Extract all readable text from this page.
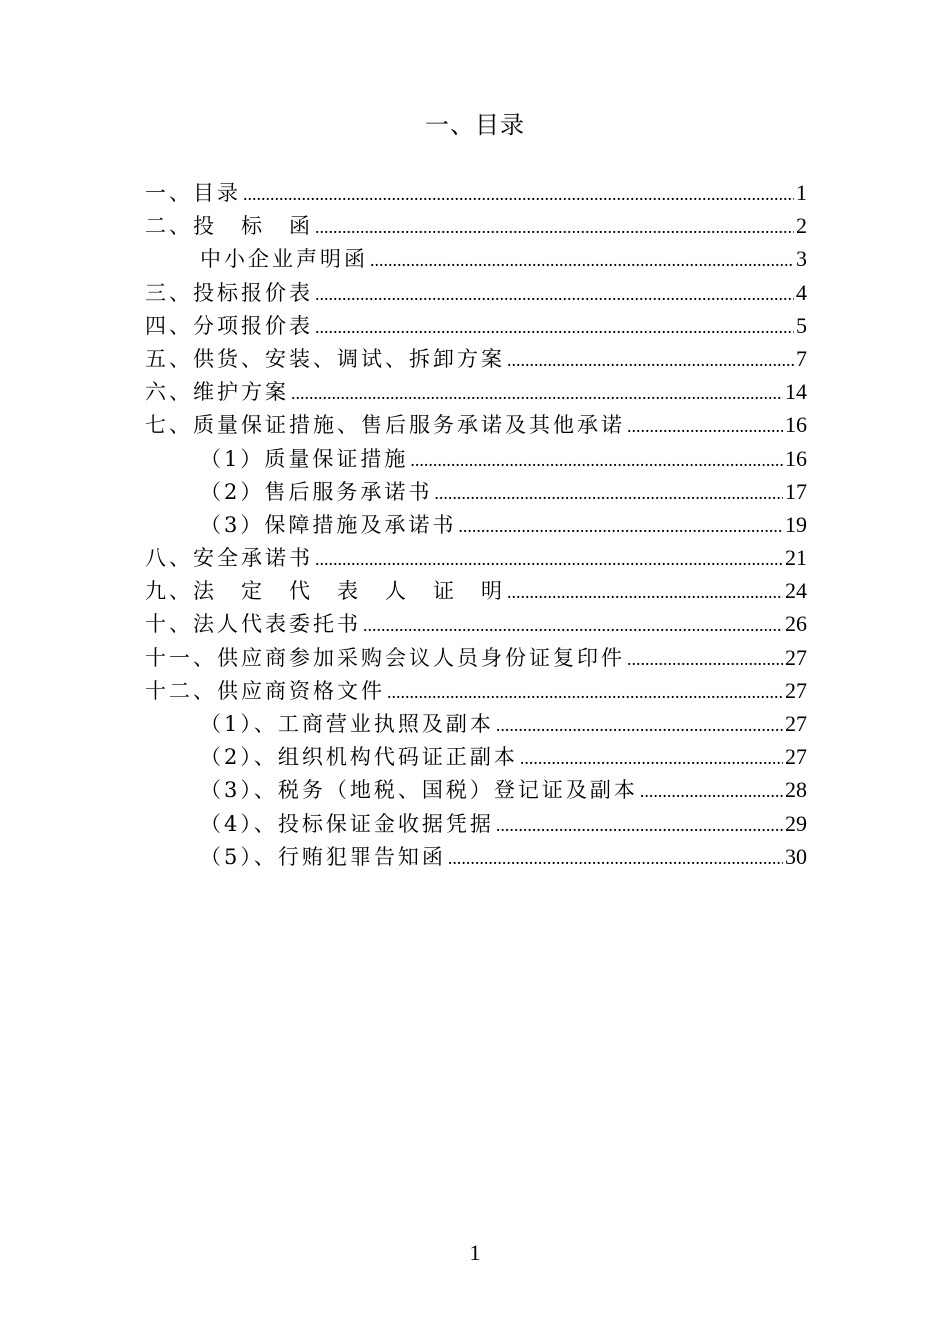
一、目录
一、目录 .....	1
二、投　标　函 .....	2
中小企业声明函 .....	3
三、投标报价表 .....	4
四、分项报价表 .....	5
五、供货、安装、调试、拆卸方案 .....	7
六、维护方案 .....	14
七、质量保证措施、售后服务承诺及其他承诺 .....	16
（1）质量保证措施 .....	16
（2）售后服务承诺书 .....	17
（3）保障措施及承诺书 .....	19
八、安全承诺书 .....	21
九、法　定　代　表　人　证　明 .....	24
十、法人代表委托书 .....	26
十一、供应商参加采购会议人员身份证复印件 .....	27
十二、供应商资格文件 .....	27
（1）、工商营业执照及副本 .....	27
（2）、组织机构代码证正副本 .....	27
（3）、税务（地税、国税）登记证及副本 .....	28
（4）、投标保证金收据凭据 .....	29
（5）、行贿犯罪告知函 .....	30
1
